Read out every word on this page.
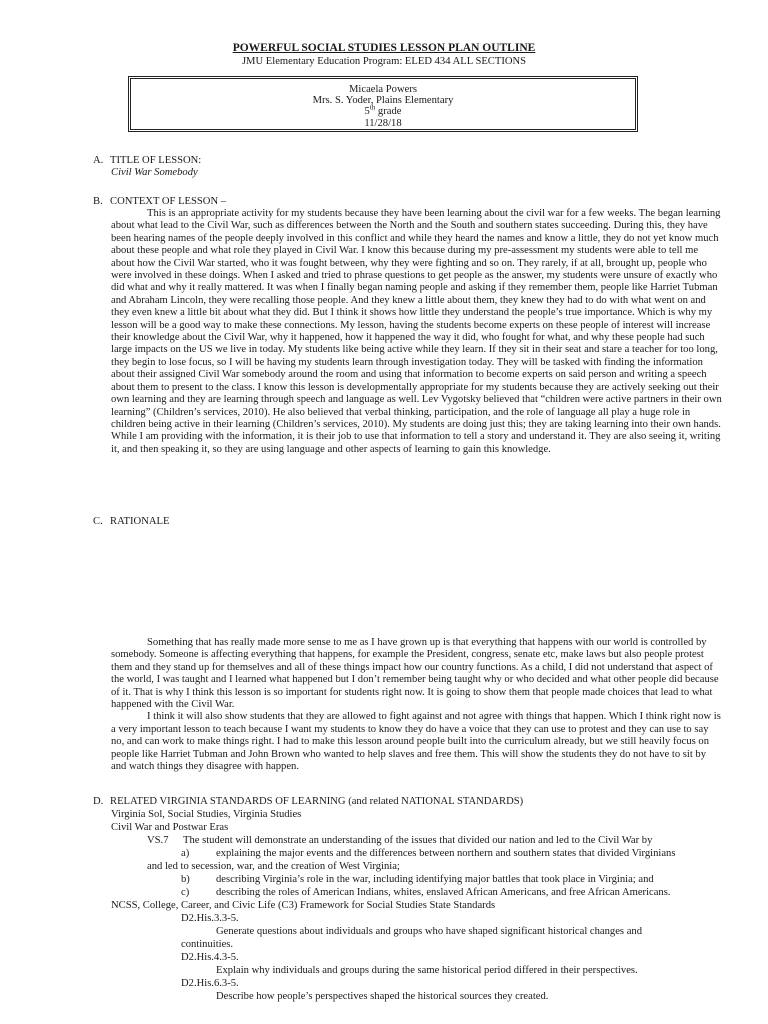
POWERFUL SOCIAL STUDIES LESSON PLAN OUTLINE
JMU Elementary Education Program: ELED 434 ALL SECTIONS
Micaela Powers
Mrs. S. Yoder, Plains Elementary
5th grade
11/28/18
A. TITLE OF LESSON:
Civil War Somebody
B. CONTEXT OF LESSON –

This is an appropriate activity for my students because they have been learning about the civil war for a few weeks. The began learning about what lead to the Civil War, such as differences between the North and the South and southern states succeeding. During this, they have been hearing names of the people deeply involved in this conflict and while they heard the names and know a little, they do not yet know much about these people and what role they played in Civil War. I know this because during my pre-assessment my students were able to tell me about how the Civil War started, who it was fought between, why they were fighting and so on. They rarely, if at all, brought up, people who were involved in these doings. When I asked and tried to phrase questions to get people as the answer, my students were unsure of exactly who did what and why it really mattered. It was when I finally began naming people and asking if they remember them, people like Harriet Tubman and Abraham Lincoln, they were recalling those people. And they knew a little about them, they knew they had to do with what went on and they even knew a little bit about what they did. But I think it shows how little they understand the people’s true importance. Which is why my lesson will be a good way to make these connections. My lesson, having the students become experts on these people of interest will increase their knowledge about the Civil War, why it happened, how it happened the way it did, who fought for what, and why these people had such large impacts on the US we live in today. My students like being active while they learn. If they sit in their seat and stare a teacher for too long, they begin to lose focus, so I will be having my students learn through investigation today. They will be tasked with finding the information about their assigned Civil War somebody around the room and using that information to become experts on said person and writing a speech about them to present to the class. I know this lesson is developmentally appropriate for my students because they are actively seeking out their own learning and they are learning through speech and language as well. Lev Vygotsky believed that “children were active partners in their own learning” (Children’s services, 2010). He also believed that verbal thinking, participation, and the role of language all play a huge role in children being active in their learning (Children’s services, 2010). My students are doing just this; they are taking learning into their own hands. While I am providing with the information, it is their job to use that information to tell a story and understand it. They are also seeing it, writing it, and then speaking it, so they are using language and other aspects of learning to gain this knowledge.

C. RATIONALE

Something that has really made more sense to me as I have grown up is that everything that happens with our world is controlled by somebody. Someone is affecting everything that happens, for example the President, congress, senate etc, make laws but also people protest them and they stand up for themselves and all of these things impact how our country functions. As a child, I did not understand that aspect of the world, I was taught and I learned what happened but I don’t remember being taught why or who decided and what other people did because of it. That is why I think this lesson is so important for students right now. It is going to show them that people made choices that lead to what happened with the Civil War.

I think it will also show students that they are allowed to fight against and not agree with things that happen. Which I think right now is a very important lesson to teach because I want my students to know they do have a voice that they can use to protest and they can use to say no, and can work to make things right. I had to make this lesson around people built into the curriculum already, but we still heavily focus on people like Harriet Tubman and John Brown who wanted to help slaves and free them. This will show the students they do not have to sit by and watch things they disagree with happen.

D. RELATED VIRGINIA STANDARDS OF LEARNING (and related NATIONAL STANDARDS)
Virginia Sol, Social Studies, Virginia Studies
Civil War and Postwar Eras
VS.7 The student will demonstrate an understanding of the issues that divided our nation and led to the Civil War by
a)	explaining the major events and the differences between northern and southern states that divided Virginians
and led to secession, war, and the creation of West Virginia;
b) describing Virginia’s role in the war, including identifying major battles that took place in Virginia; and
c)	describing the roles of American Indians, whites, enslaved African Americans, and free African Americans.
NCSS, College, Career, and Civic Life (C3) Framework for Social Studies State Standards
D2.His.3.3-5.
Generate questions about individuals and groups who have shaped significant historical changes and
continuities.
D2.His.4.3-5.
Explain why individuals and groups during the same historical period differed in their perspectives.
D2.His.6.3-5.
Describe how people’s perspectives shaped the historical sources they created.
